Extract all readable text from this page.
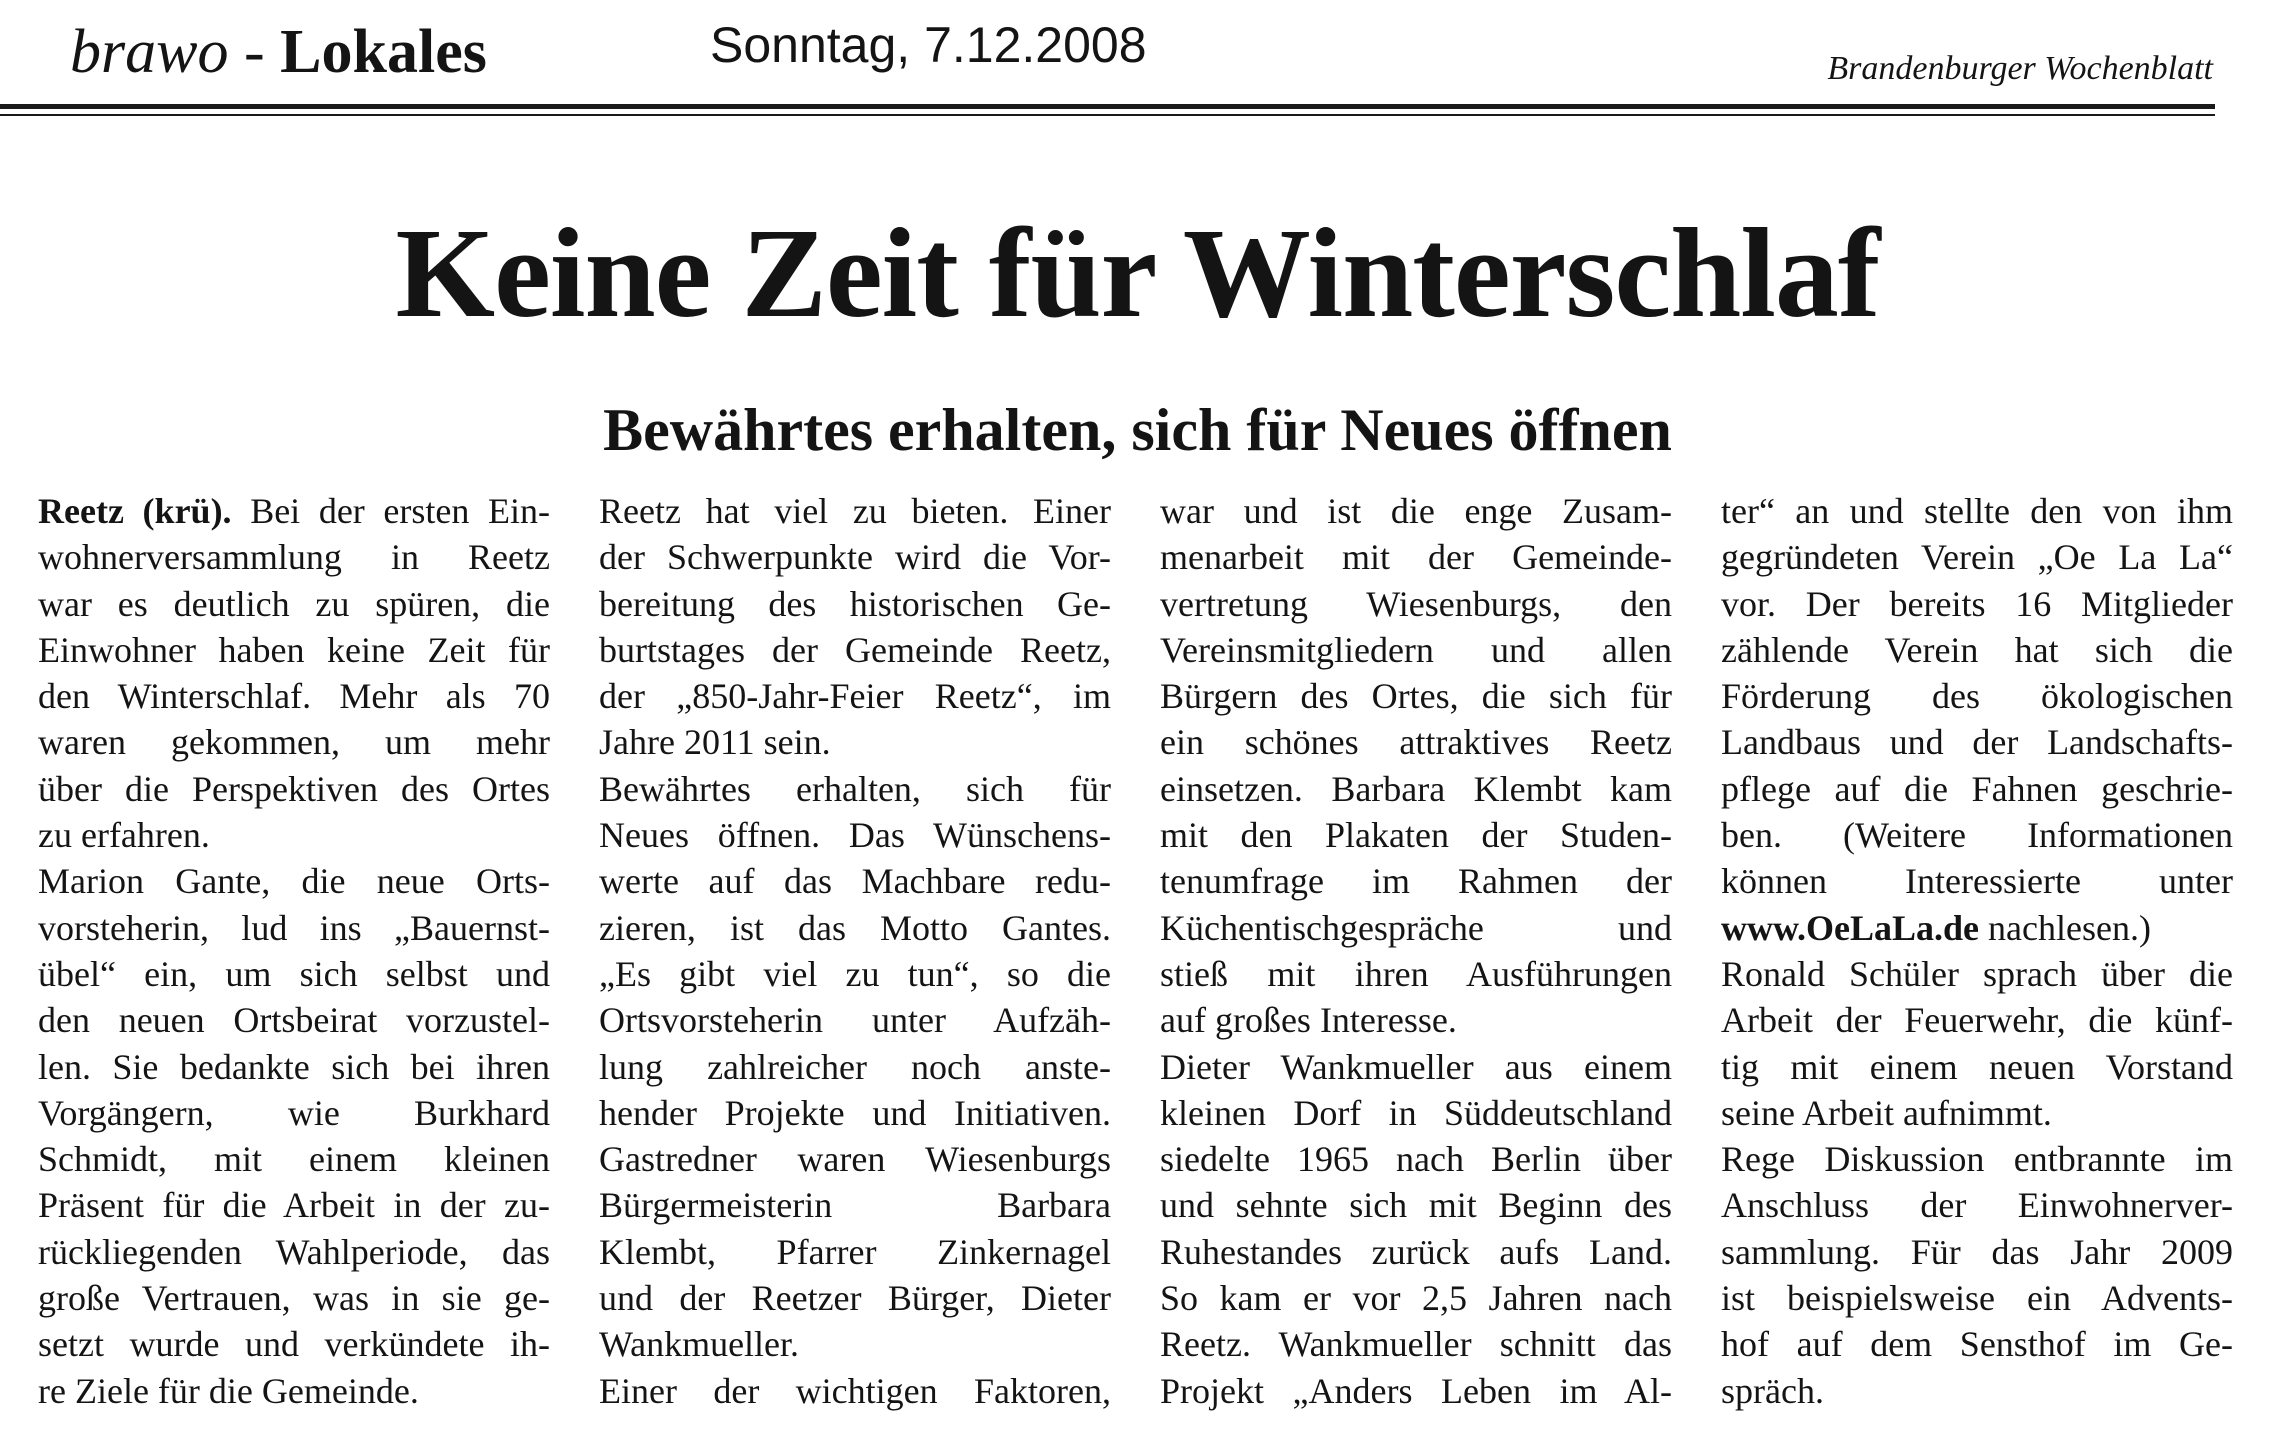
brawo - Lokales	Sonntag, 7.12.2008	Brandenburger Wochenblatt
Keine Zeit für Winterschlaf
Bewährtes erhalten, sich für Neues öffnen
Reetz (krü). Bei der ersten Ein-
wohnerversammlung in Reetz
war es deutlich zu spüren, die
Einwohner haben keine Zeit für
den Winterschlaf. Mehr als 70
waren gekommen, um mehr
über die Perspektiven des Ortes
zu erfahren.
Marion Gante, die neue Orts-
vorsteherin, lud ins „Bauernst-
übel“ ein, um sich selbst und
den neuen Ortsbeirat vorzustel-
len. Sie bedankte sich bei ihren
Vorgängern, wie Burkhard
Schmidt, mit einem kleinen
Präsent für die Arbeit in der zu-
rückliegenden Wahlperiode, das
große Vertrauen, was in sie ge-
setzt wurde und verkündete ih-
re Ziele für die Gemeinde.
Reetz hat viel zu bieten. Einer
der Schwerpunkte wird die Vor-
bereitung des historischen Ge-
burtstages der Gemeinde Reetz,
der „850-Jahr-Feier Reetz“, im
Jahre 2011 sein.
Bewährtes erhalten, sich für
Neues öffnen. Das Wünschens-
werte auf das Machbare redu-
zieren, ist das Motto Gantes.
„Es gibt viel zu tun“, so die
Ortsvorsteherin unter Aufzäh-
lung zahlreicher noch anste-
hender Projekte und Initiativen.
Gastredner waren Wiesenburgs
Bürgermeisterin Barbara
Klembt, Pfarrer Zinkernagel
und der Reetzer Bürger, Dieter
Wankmueller.
Einer der wichtigen Faktoren,
war und ist die enge Zusam-
menarbeit mit der Gemeinde-
vertretung Wiesenburgs, den
Vereinsmitgliedern und allen
Bürgern des Ortes, die sich für
ein schönes attraktives Reetz
einsetzen. Barbara Klembt kam
mit den Plakaten der Studen-
tenumfrage im Rahmen der
Küchentischgespräche und
stieß mit ihren Ausführungen
auf großes Interesse.
Dieter Wankmueller aus einem
kleinen Dorf in Süddeutschland
siedelte 1965 nach Berlin über
und sehnte sich mit Beginn des
Ruhestandes zurück aufs Land.
So kam er vor 2,5 Jahren nach
Reetz. Wankmueller schnitt das
Projekt „Anders Leben im Al-
ter“ an und stellte den von ihm
gegründeten Verein „Oe La La“
vor. Der bereits 16 Mitglieder
zählende Verein hat sich die
Förderung des ökologischen
Landbaus und der Landschafts-
pflege auf die Fahnen geschrie-
ben. (Weitere Informationen
können Interessierte unter
www.OeLaLa.de nachlesen.)
Ronald Schüler sprach über die
Arbeit der Feuerwehr, die künf-
tig mit einem neuen Vorstand
seine Arbeit aufnimmt.
Rege Diskussion entbrannte im
Anschluss der Einwohnerver-
sammlung. Für das Jahr 2009
ist beispielsweise ein Advents-
hof auf dem Sensthof im Ge-
spräch.
